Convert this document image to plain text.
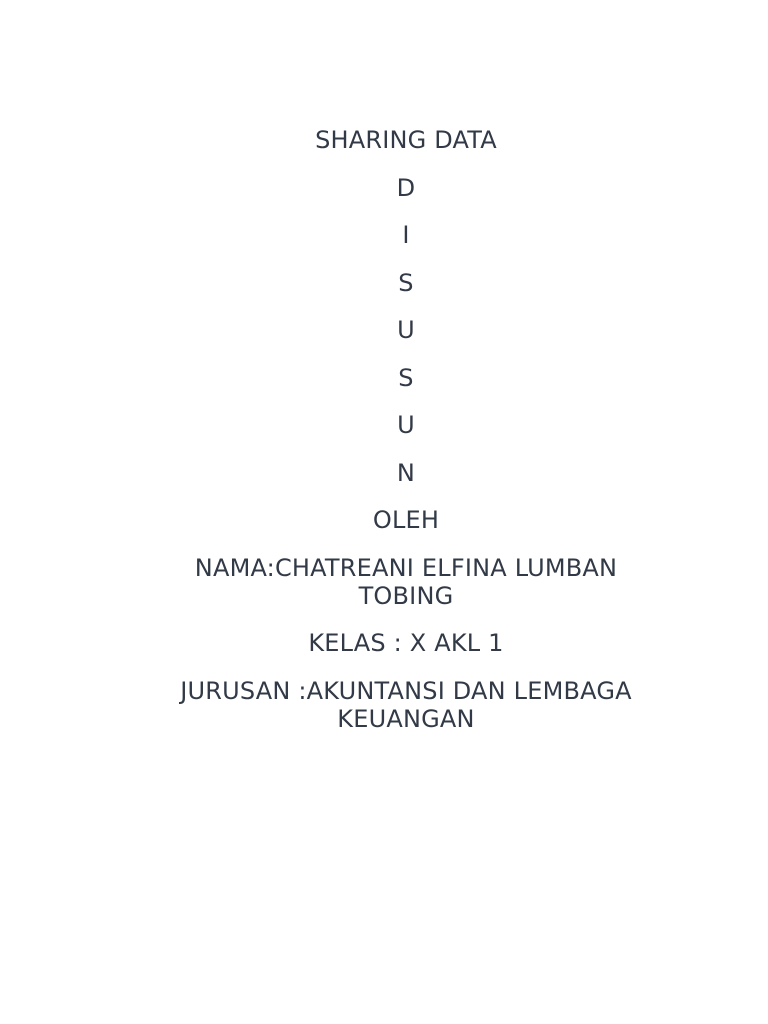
SHARING DATA
D
I
S
U
S
U
N
OLEH
NAMA:CHATREANI ELFINA LUMBAN TOBING
KELAS : X AKL 1
JURUSAN :AKUNTANSI DAN LEMBAGA KEUANGAN
